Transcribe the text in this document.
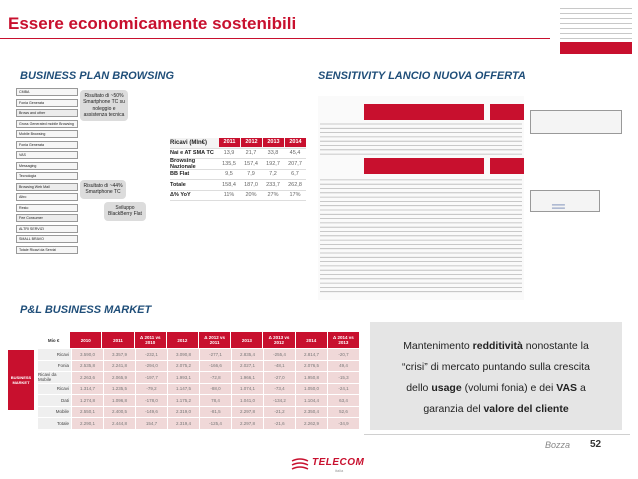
Essere economicamente sostenibili
BUSINESS PLAN BROWSING	SENSITIVITY LANCIO NUOVA OFFERTA
P&L BUSINESS MARKET
CMBA
Fonia Generata
Brows and other
Gross Generated mobile Browsing
Mobile Browsing
Fonia Generata
VAS
Messaging
Tecnologia
Browsing Web Mail
Altro
Resto
Fee Consumer
ALTRI SERVIZI
SMALL BRAVO
Totale Ricavi da Servizi
Risultato di ~50% Smartphone TC su noleggio e assistenza tecnica
Risultato di ~44% Smartphone TC
Sviluppo BlackBerry Flat
Ricavi (Mln€)	2011	2012	2013	2014
Nai e AT SMA TC	13,9	21,7	33,8	45,4
Browsing Nazionale	135,5	157,4	192,7	207,7
BB Flat	9,5	7,9	7,2	6,7
Totale	158,4	187,0	233,7	262,8
Δ% YoY	11%	20%	27%	17%
═
BUSINESS MARKET
Mio €	2010	2011	Δ 2011 vs 2010	2012	Δ 2012 vs 2011	2013	Δ 2013 vs 2012	2014	Δ 2014 vs 2013
Ricavi	3.590,0	3.357,9	-232,1	3.090,8	-277,1	2.835,4	-255,4	2.814,7	-20,7
Fonia	2.535,8	2.241,8	-294,0	2.075,2	-166,6	2.027,1	-48,1	2.076,5	49,4
Ricavi da Mobile	2.263,6	2.065,9	-197,7	1.993,1	-72,8	1.966,1	-27,0	1.950,8	-15,3
Ricavi	1.314,7	1.235,5	-79,2	1.147,5	-88,0	1.074,1	-73,4	1.050,0	-24,1
Dati	1.274,8	1.096,8	-178,0	1.175,2	78,4	1.041,0	-134,2	1.104,4	63,4
Mobile	2.550,1	2.400,5	-149,6	2.319,0	-81,5	2.297,8	-21,2	2.350,4	52,6
Totale	2.290,1	2.444,8	154,7	2.319,4	-125,4	2.297,8	-21,6	2.262,9	-34,9
Mantenimento redditività nonostante la
“crisi” di mercato puntando sulla crescita
dello usage (volumi fonia) e dei VAS a
garanzia del valore del cliente
Bozza 52
TELECOM
italia
